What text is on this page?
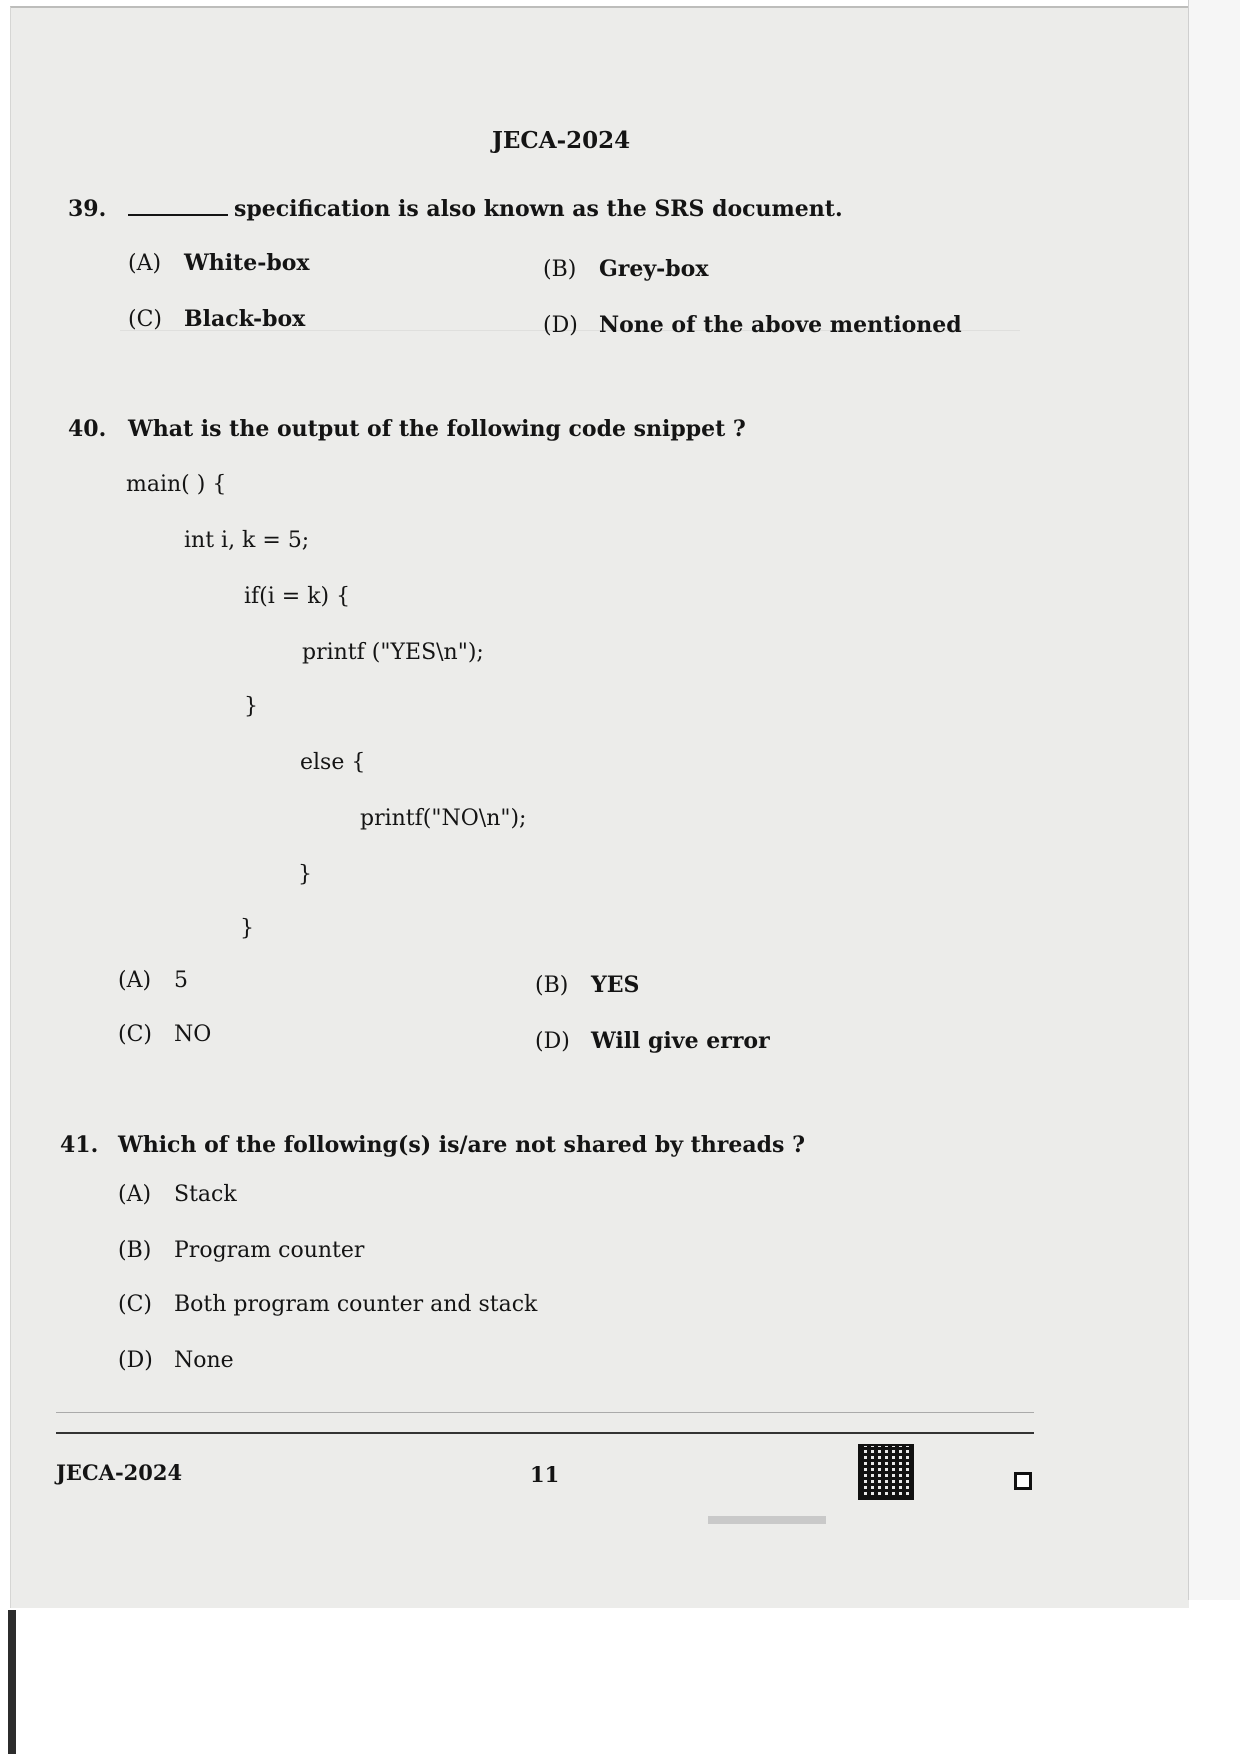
JECA-2024
39.	specification is also known as the SRS document.
(A) White-box	(B) Grey-box
(C) Black-box	(D) None of the above mentioned
40. What is the output of the following code snippet ?
main( ) {
int i, k = 5;
if(i = k) {
printf ("YES\n");
}
else {
printf("NO\n");
}
}
(A) 5	(B) YES
(C) NO	(D) Will give error
41. Which of the following(s) is/are not shared by threads ?
(A) Stack
(B) Program counter
(C) Both program counter and stack
(D) None
JECA-2024	11
